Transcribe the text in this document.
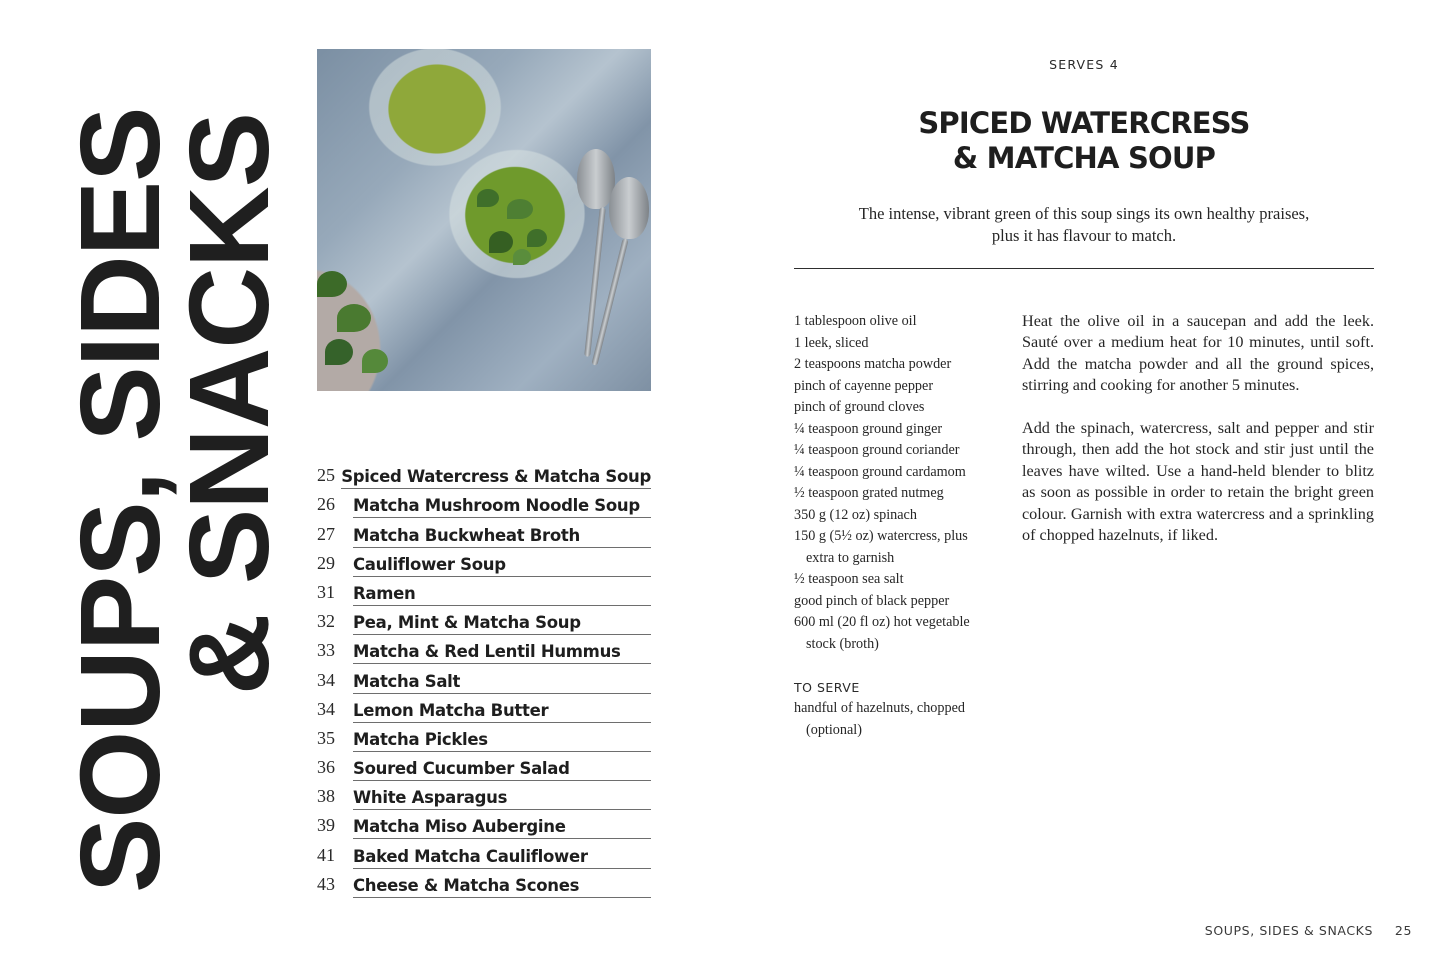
SOUPS, SIDES
& SNACKS 25 Spiced Watercress & Matcha Soup
26	Matcha Mushroom Noodle Soup
27	Matcha Buckwheat Broth
29	Cauliflower Soup
31	Ramen
32	Pea, Mint & Matcha Soup
33	Matcha & Red Lentil Hummus
34	Matcha Salt
34	Lemon Matcha Butter
35	Matcha Pickles
36	Soured Cucumber Salad
38	White Asparagus
39	Matcha Miso Aubergine
41	Baked Matcha Cauliflower
43	Cheese & Matcha Scones
SERVES 4
SPICED WATERCRESS
& MATCHA SOUP
The intense, vibrant green of this soup sings its own healthy praises,
plus it has flavour to match.
1 tablespoon olive oil
1 leek, sliced
2 teaspoons matcha powder
pinch of cayenne pepper
pinch of ground cloves
¼ teaspoon ground ginger
¼ teaspoon ground coriander
¼ teaspoon ground cardamom
½ teaspoon grated nutmeg
350 g (12 oz) spinach
150 g (5½ oz) watercress, plus extra to garnish
½ teaspoon sea salt
good pinch of black pepper
600 ml (20 fl oz) hot vegetable stock (broth)
TO SERVE
handful of hazelnuts, chopped (optional)

Heat the olive oil in a saucepan and add the leek. Sauté over a medium heat for 10 minutes, until soft. Add the matcha powder and all the ground spices, stirring and cooking for another 5 minutes.

Add the spinach, watercress, salt and pepper and stir through, then add the hot stock and stir just until the leaves have wilted. Use a hand-held blender to blitz as soon as possible in order to retain the bright green colour. Garnish with extra watercress and a sprinkling of chopped hazelnuts, if liked.

SOUPS, SIDES & SNACKS 25
